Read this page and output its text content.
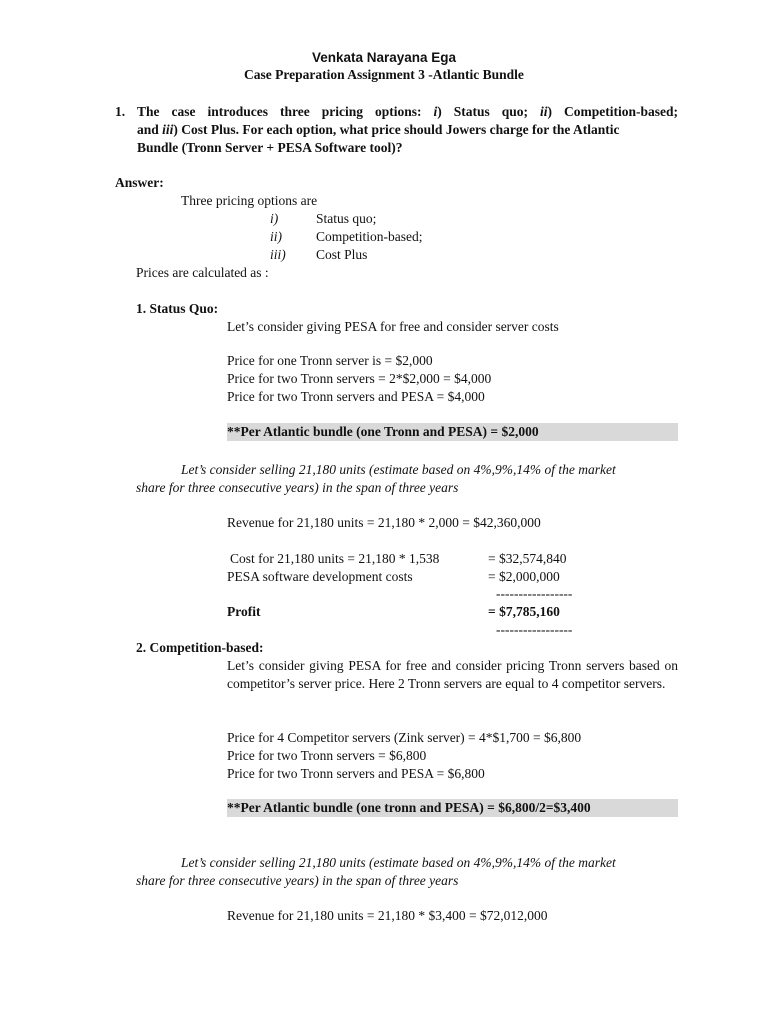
Venkata Narayana Ega
Case Preparation Assignment 3 -Atlantic Bundle
1. The case introduces three pricing options: i) Status quo; ii) Competition-based;
and iii) Cost Plus. For each option, what price should Jowers charge for the Atlantic
Bundle (Tronn Server + PESA Software tool)?
Answer:
Three pricing options are
i)	Status quo;
ii)	Competition-based;
iii) Cost Plus
Prices are calculated as :
1. Status Quo:
Let’s consider giving PESA for free and consider server costs
Price for one Tronn server is = $2,000
Price for two Tronn servers = 2*$2,000 = $4,000
Price for two Tronn servers and PESA = $4,000
**Per Atlantic bundle (one Tronn and PESA) = $2,000
Let’s consider selling 21,180 units (estimate based on 4%,9%,14% of the market
share for three consecutive years) in the span of three years
Revenue for 21,180 units = 21,180 * 2,000 = $42,360,000
Cost for 21,180 units = 21,180 * 1,538	= $32,574,840
PESA software development costs	= $2,000,000
-----------------
Profit	= $7,785,160
-----------------
2. Competition-based:
Let’s consider giving PESA for free and consider pricing Tronn servers based on competitor’s server price. Here 2 Tronn servers are equal to 4 competitor servers.
Price for 4 Competitor servers (Zink server) = 4*$1,700 = $6,800
Price for two Tronn servers = $6,800
Price for two Tronn servers and PESA = $6,800
**Per Atlantic bundle (one tronn and PESA) = $6,800/2=$3,400
Let’s consider selling 21,180 units (estimate based on 4%,9%,14% of the market
share for three consecutive years) in the span of three years
Revenue for 21,180 units = 21,180 * $3,400 = $72,012,000
